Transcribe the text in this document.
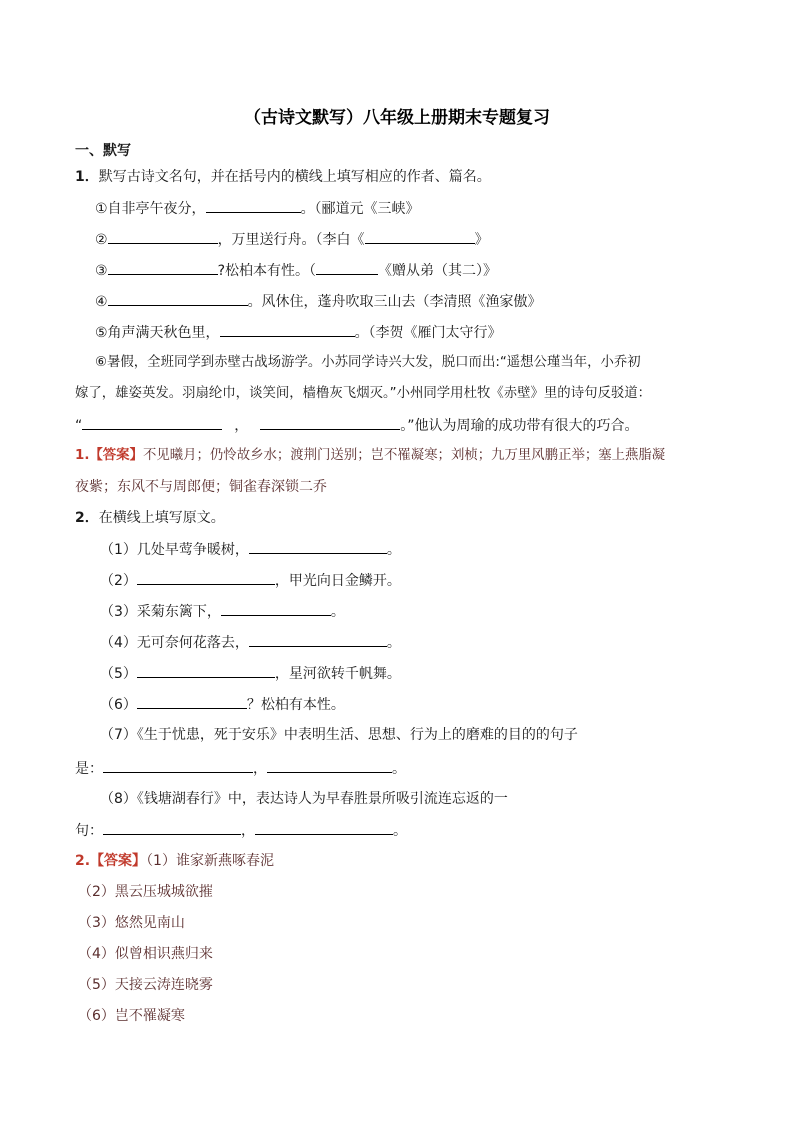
（古诗文默写）八年级上册期末专题复习
一、默写
1．默写古诗文名句，并在括号内的横线上填写相应的作者、篇名。
①自非亭午夜分，	。（郦道元《三峡》
②	，万里送行舟。（李白《	》
③	?松柏本有性。（	《赠从弟（其二）》
④	。风休住，蓬舟吹取三山去（李清照《渔家傲》
⑤角声满天秋色里，	。（李贺《雁门太守行》
⑥暑假，全班同学到赤壁古战场游学。小苏同学诗兴大发，脱口而出:“遥想公瑾当年，小乔初
嫁了，雄姿英发。羽扇纶巾，谈笑间，樯橹灰飞烟灭。”小州同学用杜牧《赤壁》里的诗句反驳道：
“	，	。”他认为周瑜的成功带有很大的巧合。
1.【答案】不见曦月；仍怜故乡水；渡荆门送别；岂不罹凝寒；刘桢；九万里风鹏正举；塞上燕脂凝
夜紫；东风不与周郎便；铜雀春深锁二乔
2．在横线上填写原文。
（1）几处早莺争暖树，	。
（2）	，甲光向日金鳞开。
（3）采菊东篱下，	。
（4）无可奈何花落去，	。
（5）	，星河欲转千帆舞。
（6）	？松柏有本性。
（7）《生于忧患，死于安乐》中表明生活、思想、行为上的磨难的目的的句子
是：	，	。
（8）《钱塘湖春行》中，表达诗人为早春胜景所吸引流连忘返的一
句：	，	。
2.【答案】（1）谁家新燕啄春泥
（2）黑云压城城欲摧
（3）悠然见南山
（4）似曾相识燕归来
（5）天接云涛连晓雾
（6）岂不罹凝寒
